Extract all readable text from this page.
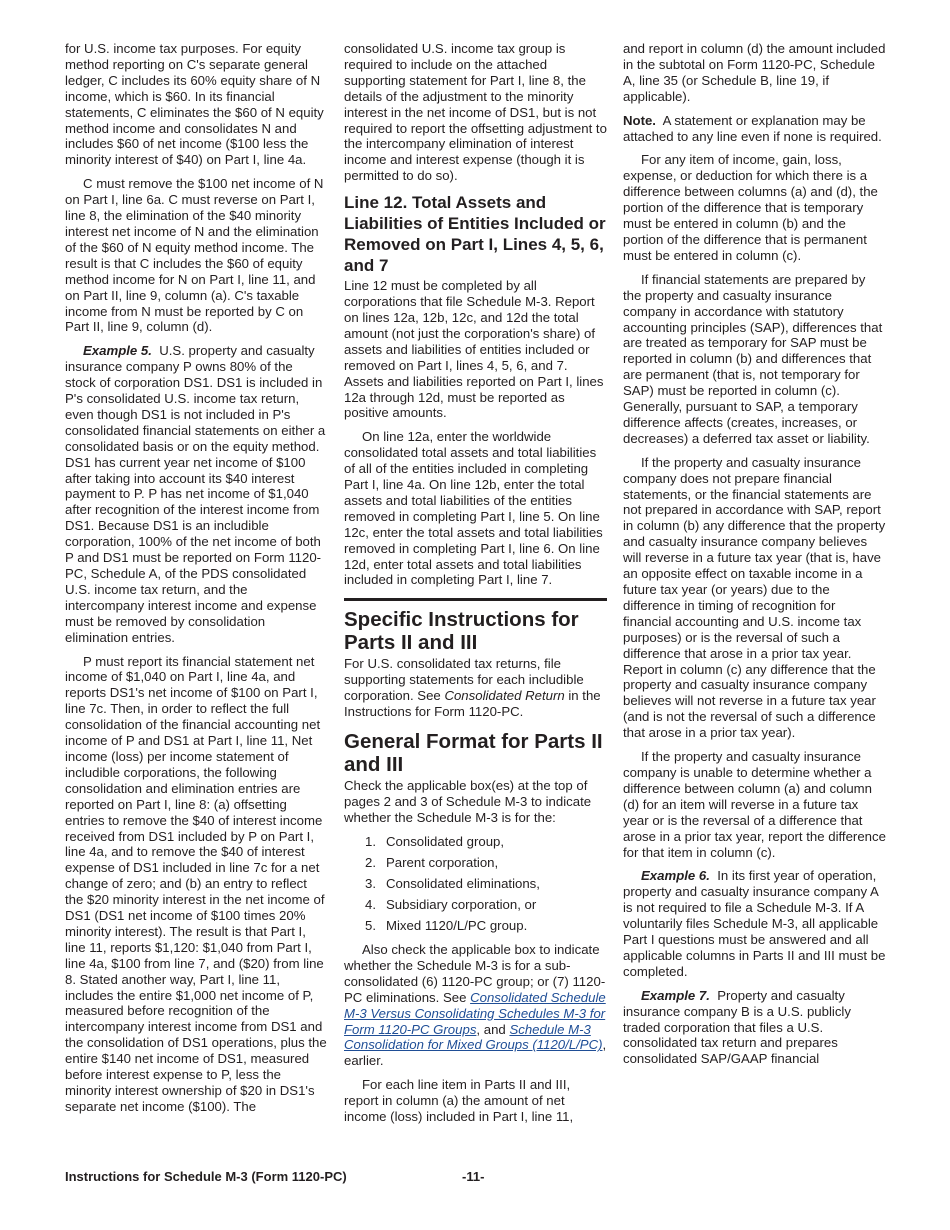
for U.S. income tax purposes. For equity method reporting on C's separate general ledger, C includes its 60% equity share of N income, which is $60. In its financial statements, C eliminates the $60 of N equity method income and consolidates N and includes $60 of net income ($100 less the minority interest of $40) on Part I, line 4a.

C must remove the $100 net income of N on Part I, line 6a. C must reverse on Part I, line 8, the elimination of the $40 minority interest net income of N and the elimination of the $60 of N equity method income. The result is that C includes the $60 of equity method income for N on Part I, line 11, and on Part II, line 9, column (a). C's taxable income from N must be reported by C on Part II, line 9, column (d).

Example 5. U.S. property and casualty insurance company P owns 80% of the stock of corporation DS1. DS1 is included in P's consolidated U.S. income tax return, even though DS1 is not included in P's consolidated financial statements on either a consolidated basis or on the equity method. DS1 has current year net income of $100 after taking into account its $40 interest payment to P. P has net income of $1,040 after recognition of the interest income from DS1. Because DS1 is an includible corporation, 100% of the net income of both P and DS1 must be reported on Form 1120-PC, Schedule A, of the PDS consolidated U.S. income tax return, and the intercompany interest income and expense must be removed by consolidation elimination entries.

P must report its financial statement net income of $1,040 on Part I, line 4a, and reports DS1's net income of $100 on Part I, line 7c. Then, in order to reflect the full consolidation of the financial accounting net income of P and DS1 at Part I, line 11, Net income (loss) per income statement of includible corporations, the following consolidation and elimination entries are reported on Part I, line 8: (a) offsetting entries to remove the $40 of interest income received from DS1 included by P on Part I, line 4a, and to remove the $40 of interest expense of DS1 included in line 7c for a net change of zero; and (b) an entry to reflect the $20 minority interest in the net income of DS1 (DS1 net income of $100 times 20% minority interest). The result is that Part I, line 11, reports $1,120: $1,040 from Part I, line 4a, $100 from line 7, and ($20) from line 8. Stated another way, Part I, line 11, includes the entire $1,000 net income of P, measured before recognition of the intercompany interest income from DS1 and the consolidation of DS1 operations, plus the entire $140 net income of DS1, measured before interest expense to P, less the minority interest ownership of $20 in DS1's separate net income ($100). The

consolidated U.S. income tax group is required to include on the attached supporting statement for Part I, line 8, the details of the adjustment to the minority interest in the net income of DS1, but is not required to report the offsetting adjustment to the intercompany elimination of interest income and interest expense (though it is permitted to do so).

Line 12. Total Assets and Liabilities of Entities Included or Removed on Part I, Lines 4, 5, 6, and 7

Line 12 must be completed by all corporations that file Schedule M-3. Report on lines 12a, 12b, 12c, and 12d the total amount (not just the corporation's share) of assets and liabilities of entities included or removed on Part I, lines 4, 5, 6, and 7. Assets and liabilities reported on Part I, lines 12a through 12d, must be reported as positive amounts.

On line 12a, enter the worldwide consolidated total assets and total liabilities of all of the entities included in completing Part I, line 4a. On line 12b, enter the total assets and total liabilities of the entities removed in completing Part I, line 5. On line 12c, enter the total assets and total liabilities removed in completing Part I, line 6. On line 12d, enter total assets and total liabilities included in completing Part I, line 7.

Specific Instructions for Parts II and III

For U.S. consolidated tax returns, file supporting statements for each includible corporation. See Consolidated Return in the Instructions for Form 1120-PC.

General Format for Parts II and III

Check the applicable box(es) at the top of pages 2 and 3 of Schedule M-3 to indicate whether the Schedule M-3 is for the:

1. Consolidated group,
2. Parent corporation,
3. Consolidated eliminations,
4. Subsidiary corporation, or
5. Mixed 1120/L/PC group.

Also check the applicable box to indicate whether the Schedule M-3 is for a sub-consolidated (6) 1120-PC group; or (7) 1120-PC eliminations. See Consolidated Schedule M-3 Versus Consolidating Schedules M-3 for Form 1120-PC Groups, and Schedule M-3 Consolidation for Mixed Groups (1120/L/PC), earlier.

For each line item in Parts II and III, report in column (a) the amount of net income (loss) included in Part I, line 11,

and report in column (d) the amount included in the subtotal on Form 1120-PC, Schedule A, line 35 (or Schedule B, line 19, if applicable).

Note. A statement or explanation may be attached to any line even if none is required.

For any item of income, gain, loss, expense, or deduction for which there is a difference between columns (a) and (d), the portion of the difference that is temporary must be entered in column (b) and the portion of the difference that is permanent must be entered in column (c).

If financial statements are prepared by the property and casualty insurance company in accordance with statutory accounting principles (SAP), differences that are treated as temporary for SAP must be reported in column (b) and differences that are permanent (that is, not temporary for SAP) must be reported in column (c). Generally, pursuant to SAP, a temporary difference affects (creates, increases, or decreases) a deferred tax asset or liability.

If the property and casualty insurance company does not prepare financial statements, or the financial statements are not prepared in accordance with SAP, report in column (b) any difference that the property and casualty insurance company believes will reverse in a future tax year (that is, have an opposite effect on taxable income in a future tax year (or years) due to the difference in timing of recognition for financial accounting and U.S. income tax purposes) or is the reversal of such a difference that arose in a prior tax year. Report in column (c) any difference that the property and casualty insurance company believes will not reverse in a future tax year (and is not the reversal of such a difference that arose in a prior tax year).

If the property and casualty insurance company is unable to determine whether a difference between column (a) and column (d) for an item will reverse in a future tax year or is the reversal of a difference that arose in a prior tax year, report the difference for that item in column (c).

Example 6. In its first year of operation, property and casualty insurance company A is not required to file a Schedule M-3. If A voluntarily files Schedule M-3, all applicable Part I questions must be answered and all applicable columns in Parts II and III must be completed.

Example 7. Property and casualty insurance company B is a U.S. publicly traded corporation that files a U.S. consolidated tax return and prepares consolidated SAP/GAAP financial

Instructions for Schedule M-3 (Form 1120-PC)	-11-
